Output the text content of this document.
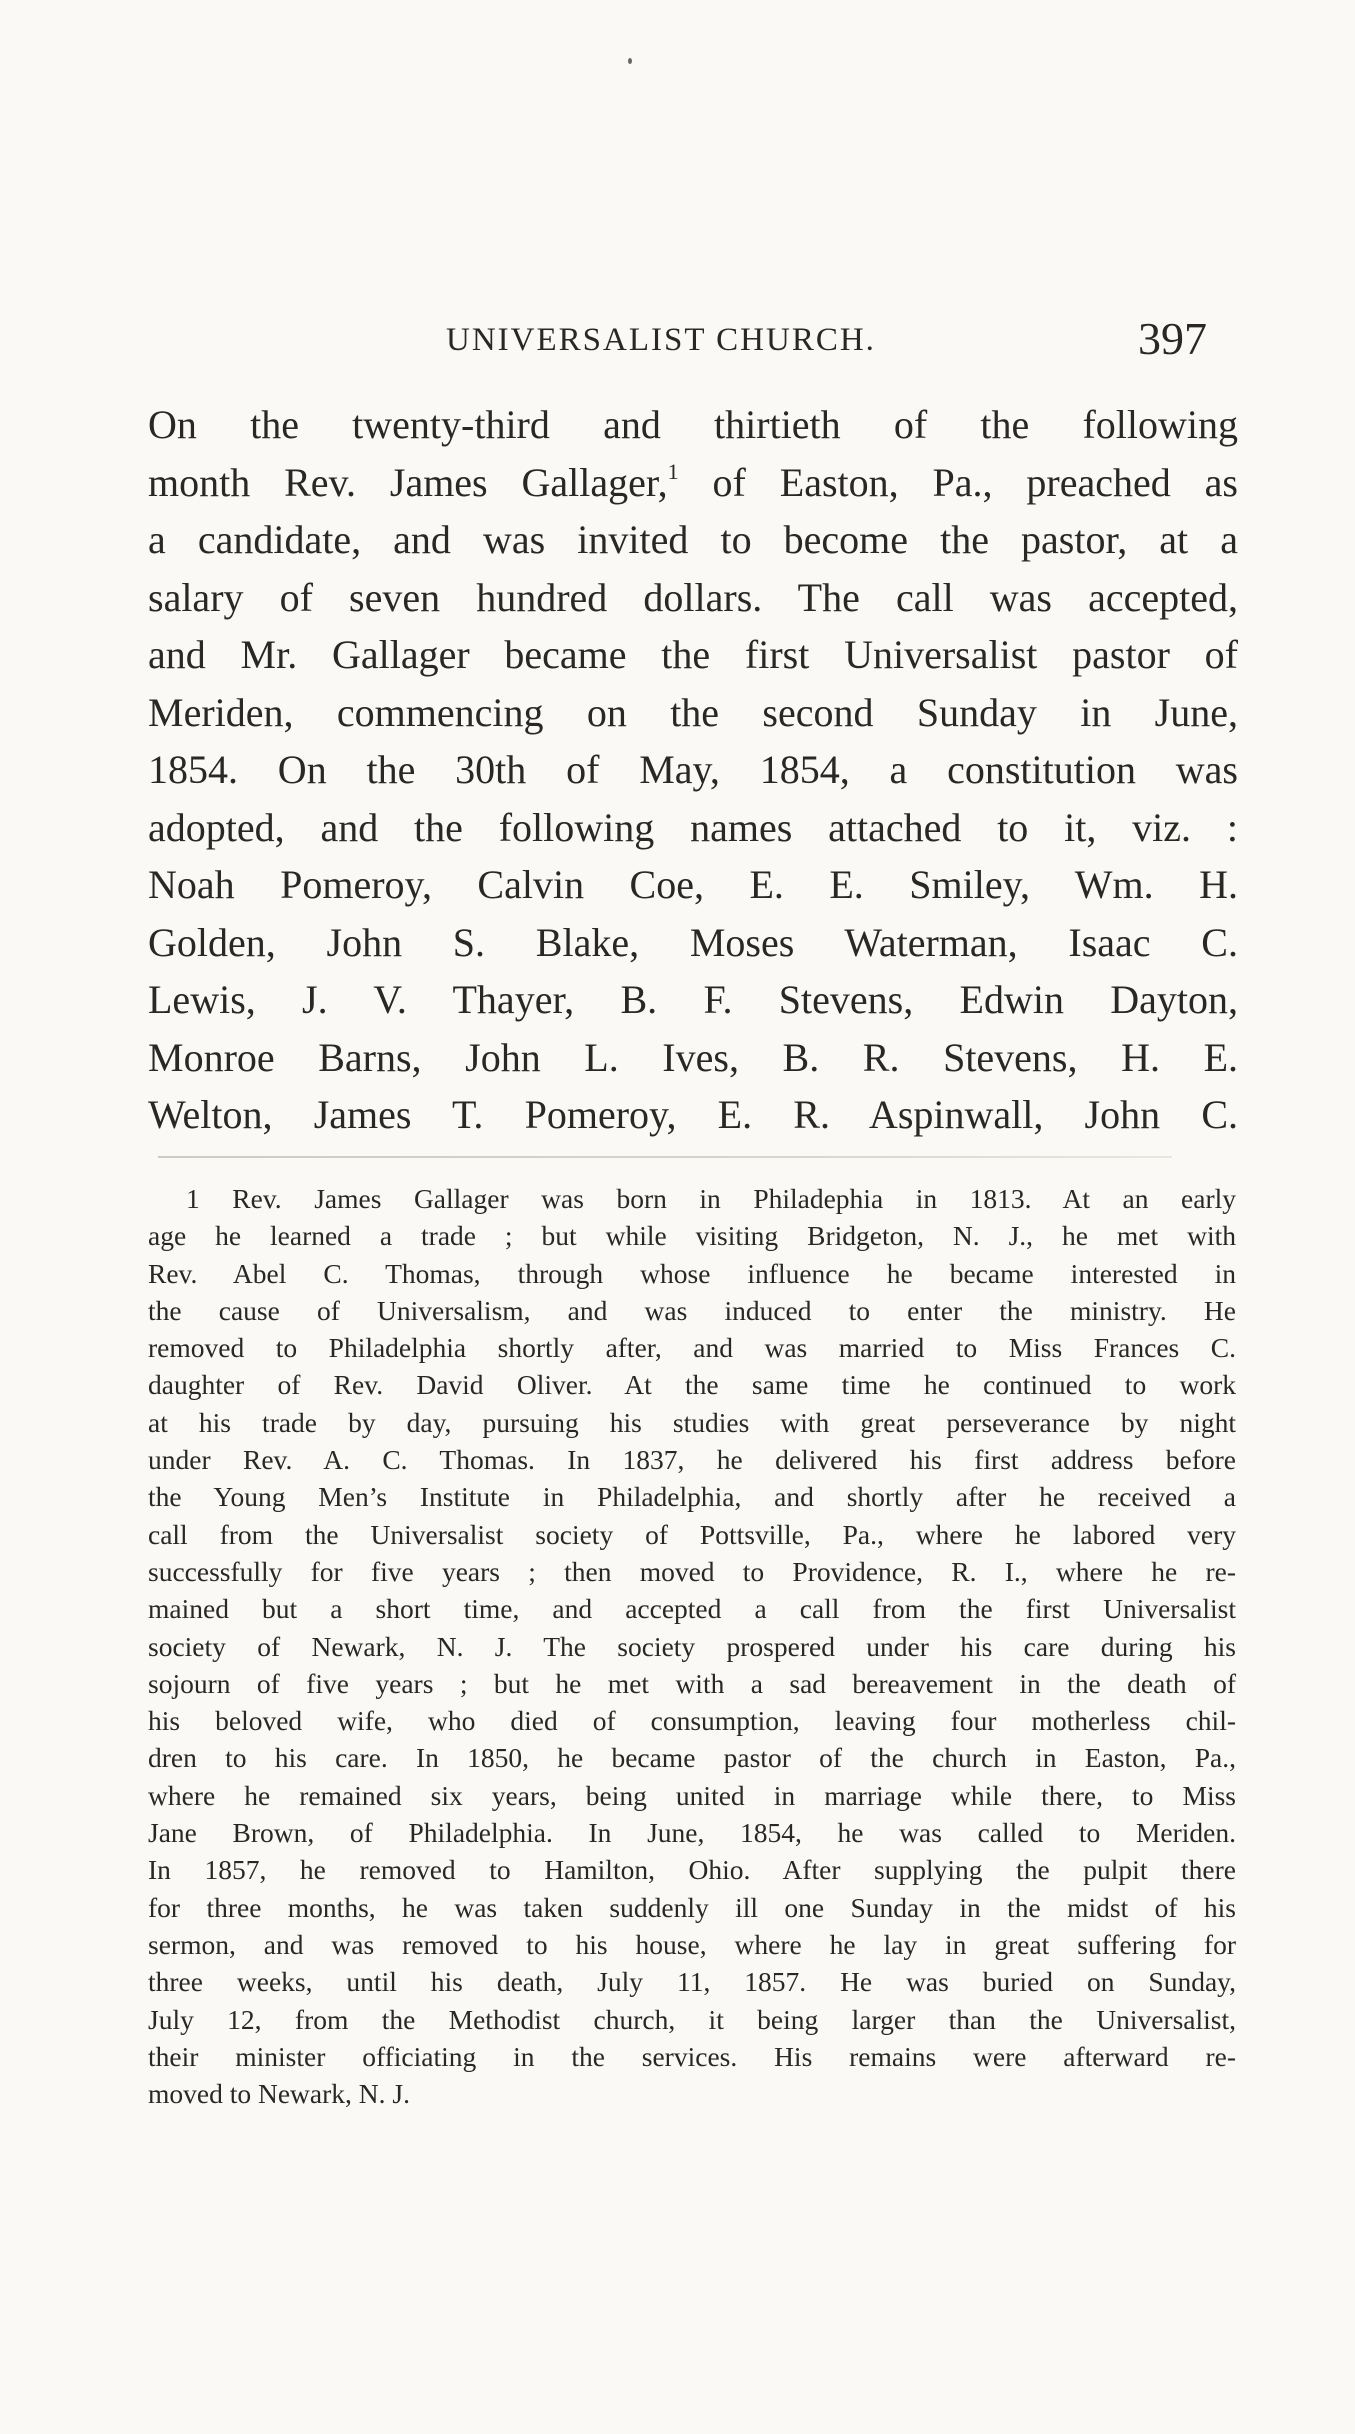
UNIVERSALIST CHURCH.	397
On the twenty-third and thirtieth of the following
month Rev. James Gallager,$^1$ of Easton, Pa., preached as
a candidate, and was invited to become the pastor, at a
salary of seven hundred dollars. The call was accepted,
and Mr. Gallager became the first Universalist pastor of
Meriden, commencing on the second Sunday in June,
1854. On the 30th of May, 1854, a constitution was
adopted, and the following names attached to it, viz. :
Noah Pomeroy, Calvin Coe, E. E. Smiley, Wm. H.
Golden, John S. Blake, Moses Waterman, Isaac C.
Lewis, J. V. Thayer, B. F. Stevens, Edwin Dayton,
Monroe Barns, John L. Ives, B. R. Stevens, H. E.
Welton, James T. Pomeroy, E. R. Aspinwall, John C.
1 Rev. James Gallager was born in Philadephia in 1813. At an early
age he learned a trade ; but while visiting Bridgeton, N. J., he met with
Rev. Abel C. Thomas, through whose influence he became interested in
the cause of Universalism, and was induced to enter the ministry. He
removed to Philadelphia shortly after, and was married to Miss Frances C.
daughter of Rev. David Oliver. At the same time he continued to work
at his trade by day, pursuing his studies with great perseverance by night
under Rev. A. C. Thomas. In 1837, he delivered his first address before
the Young Men’s Institute in Philadelphia, and shortly after he received a
call from the Universalist society of Pottsville, Pa., where he labored very
successfully for five years ; then moved to Providence, R. I., where he re-
mained but a short time, and accepted a call from the first Universalist
society of Newark, N. J. The society prospered under his care during his
sojourn of five years ; but he met with a sad bereavement in the death of
his beloved wife, who died of consumption, leaving four motherless chil-
dren to his care. In 1850, he became pastor of the church in Easton, Pa.,
where he remained six years, being united in marriage while there, to Miss
Jane Brown, of Philadelphia. In June, 1854, he was called to Meriden.
In 1857, he removed to Hamilton, Ohio. After supplying the pulpit there
for three months, he was taken suddenly ill one Sunday in the midst of his
sermon, and was removed to his house, where he lay in great suffering for
three weeks, until his death, July 11, 1857. He was buried on Sunday,
July 12, from the Methodist church, it being larger than the Universalist,
their minister officiating in the services. His remains were afterward re-
moved to Newark, N. J.
